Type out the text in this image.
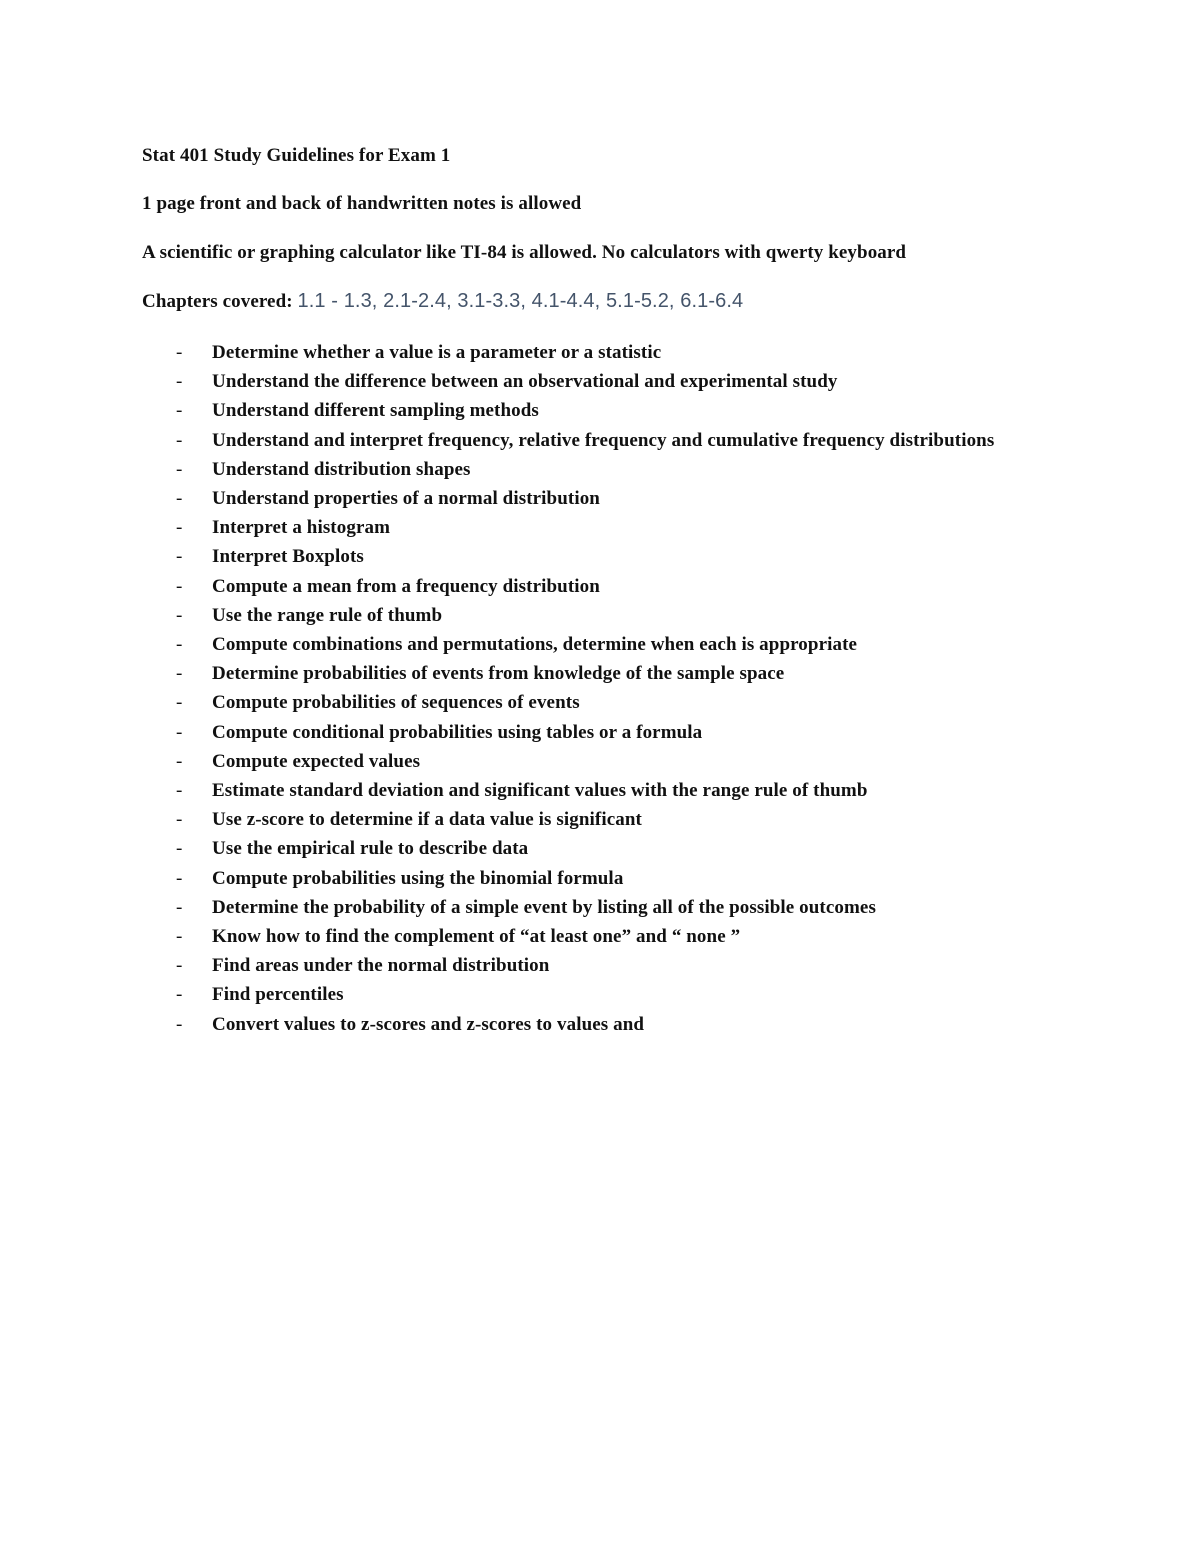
Stat 401 Study Guidelines for Exam 1
1 page front and back of handwritten notes is allowed
A scientific or graphing calculator like TI-84 is allowed. No calculators with qwerty keyboard
Chapters covered: 1.1 - 1.3, 2.1-2.4, 3.1-3.3, 4.1-4.4, 5.1-5.2, 6.1-6.4
- Determine whether a value is a parameter or a statistic
- Understand the difference between an observational and experimental study
- Understand different sampling methods
- Understand and interpret frequency, relative frequency and cumulative frequency distributions
- Understand distribution shapes
- Understand properties of a normal distribution
- Interpret a histogram
- Interpret Boxplots
- Compute a mean from a frequency distribution
- Use the range rule of thumb
- Compute combinations and permutations, determine when each is appropriate
- Determine probabilities of events from knowledge of the sample space
- Compute probabilities of sequences of events
- Compute conditional probabilities using tables or a formula
- Compute expected values
- Estimate standard deviation and significant values with the range rule of thumb
- Use z-score to determine if a data value is significant
- Use the empirical rule to describe data
- Compute probabilities using the binomial formula
- Determine the probability of a simple event by listing all of the possible outcomes
- Know how to find the complement of “at least one” and “ none ”
- Find areas under the normal distribution
- Find percentiles
- Convert values to z-scores and z-scores to values and
